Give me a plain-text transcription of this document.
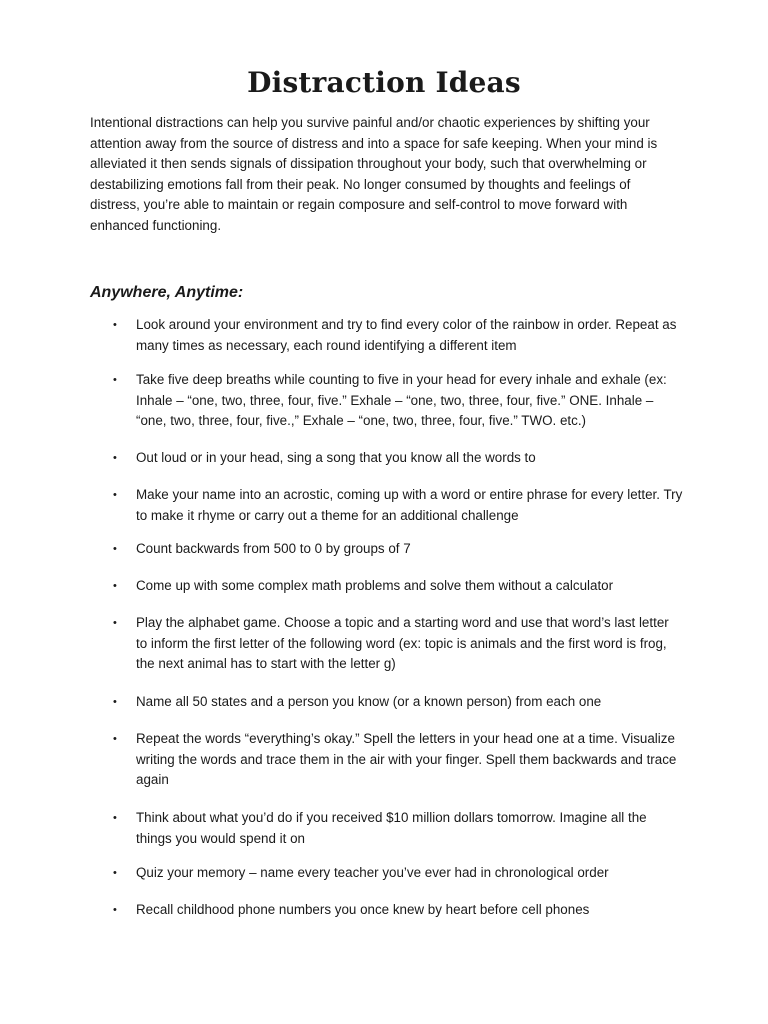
Distraction Ideas

Intentional distractions can help you survive painful and/or chaotic experiences by shifting your attention away from the source of distress and into a space for safe keeping. When your mind is alleviated it then sends signals of dissipation throughout your body, such that overwhelming or destabilizing emotions fall from their peak. No longer consumed by thoughts and feelings of distress, you’re able to maintain or regain composure and self-control to move forward with enhanced functioning.

Anywhere, Anytime:
•	Look around your environment and try to find every color of the rainbow in order. Repeat as many times as necessary, each round identifying a different item
•	Take five deep breaths while counting to five in your head for every inhale and exhale (ex: Inhale – “one, two, three, four, five.” Exhale – “one, two, three, four, five.” ONE. Inhale – “one, two, three, four, five.,” Exhale – “one, two, three, four, five.” TWO. etc.)
•	Out loud or in your head, sing a song that you know all the words to
•	Make your name into an acrostic, coming up with a word or entire phrase for every letter. Try to make it rhyme or carry out a theme for an additional challenge
•	Count backwards from 500 to 0 by groups of 7
•	Come up with some complex math problems and solve them without a calculator
•	Play the alphabet game. Choose a topic and a starting word and use that word’s last letter to inform the first letter of the following word (ex: topic is animals and the first word is frog, the next animal has to start with the letter g)
•	Name all 50 states and a person you know (or a known person) from each one
•	Repeat the words “everything’s okay.” Spell the letters in your head one at a time. Visualize writing the words and trace them in the air with your finger. Spell them backwards and trace again
•	Think about what you’d do if you received $10 million dollars tomorrow. Imagine all the things you would spend it on
•	Quiz your memory – name every teacher you’ve ever had in chronological order
•	Recall childhood phone numbers you once knew by heart before cell phones
